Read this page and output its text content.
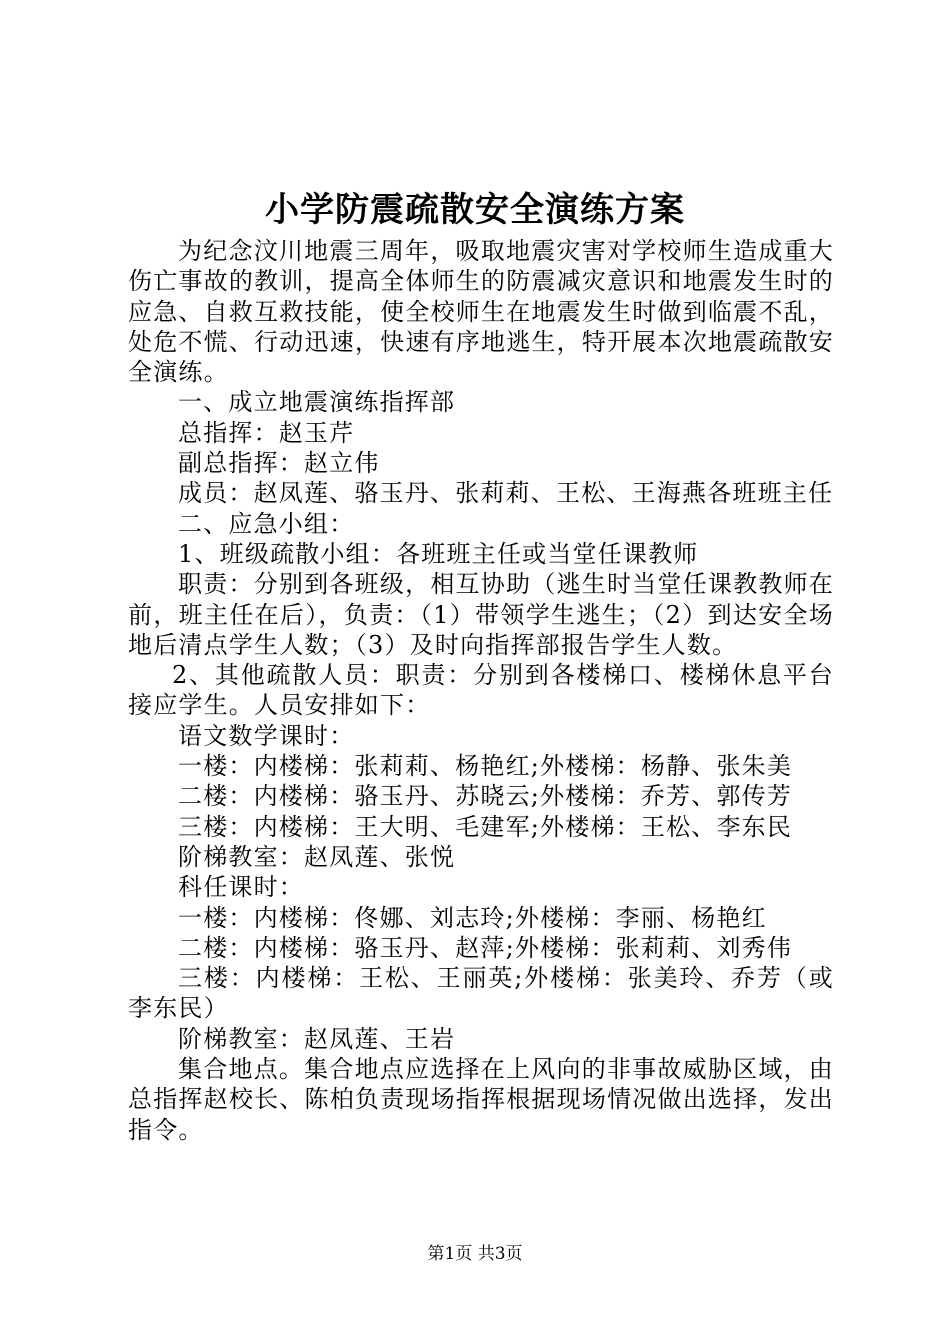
小学防震疏散安全演练方案

为纪念汶川地震三周年，吸取地震灾害对学校师生造成重大伤亡事故的教训，提高全体师生的防震减灾意识和地震发生时的应急、自救互救技能，使全校师生在地震发生时做到临震不乱，处危不慌、行动迅速，快速有序地逃生，特开展本次地震疏散安全演练。

一、成立地震演练指挥部

总指挥：赵玉芹

副总指挥：赵立伟

成员：赵凤莲、骆玉丹、张莉莉、王松、王海燕各班班主任

二、应急小组：

1、班级疏散小组：各班班主任或当堂任课教师

职责：分别到各班级，相互协助（逃生时当堂任课教教师在前，班主任在后），负责：（1）带领学生逃生；（2）到达安全场地后清点学生人数；（3）及时向指挥部报告学生人数。

2、其他疏散人员：职责：分别到各楼梯口、楼梯休息平台接应学生。人员安排如下：

语文数学课时：

一楼：内楼梯：张莉莉、杨艳红;外楼梯：杨静、张朱美

二楼：内楼梯：骆玉丹、苏晓云;外楼梯：乔芳、郭传芳

三楼：内楼梯：王大明、毛建军;外楼梯：王松、李东民

阶梯教室：赵凤莲、张悦

科任课时：

一楼：内楼梯：佟娜、刘志玲;外楼梯：李丽、杨艳红

二楼：内楼梯：骆玉丹、赵萍;外楼梯：张莉莉、刘秀伟

三楼：内楼梯：王松、王丽英;外楼梯：张美玲、乔芳（或李东民）

阶梯教室：赵凤莲、王岩

集合地点。集合地点应选择在上风向的非事故威胁区域，由总指挥赵校长、陈柏负责现场指挥根据现场情况做出选择，发出指令。

第1页 共3页
